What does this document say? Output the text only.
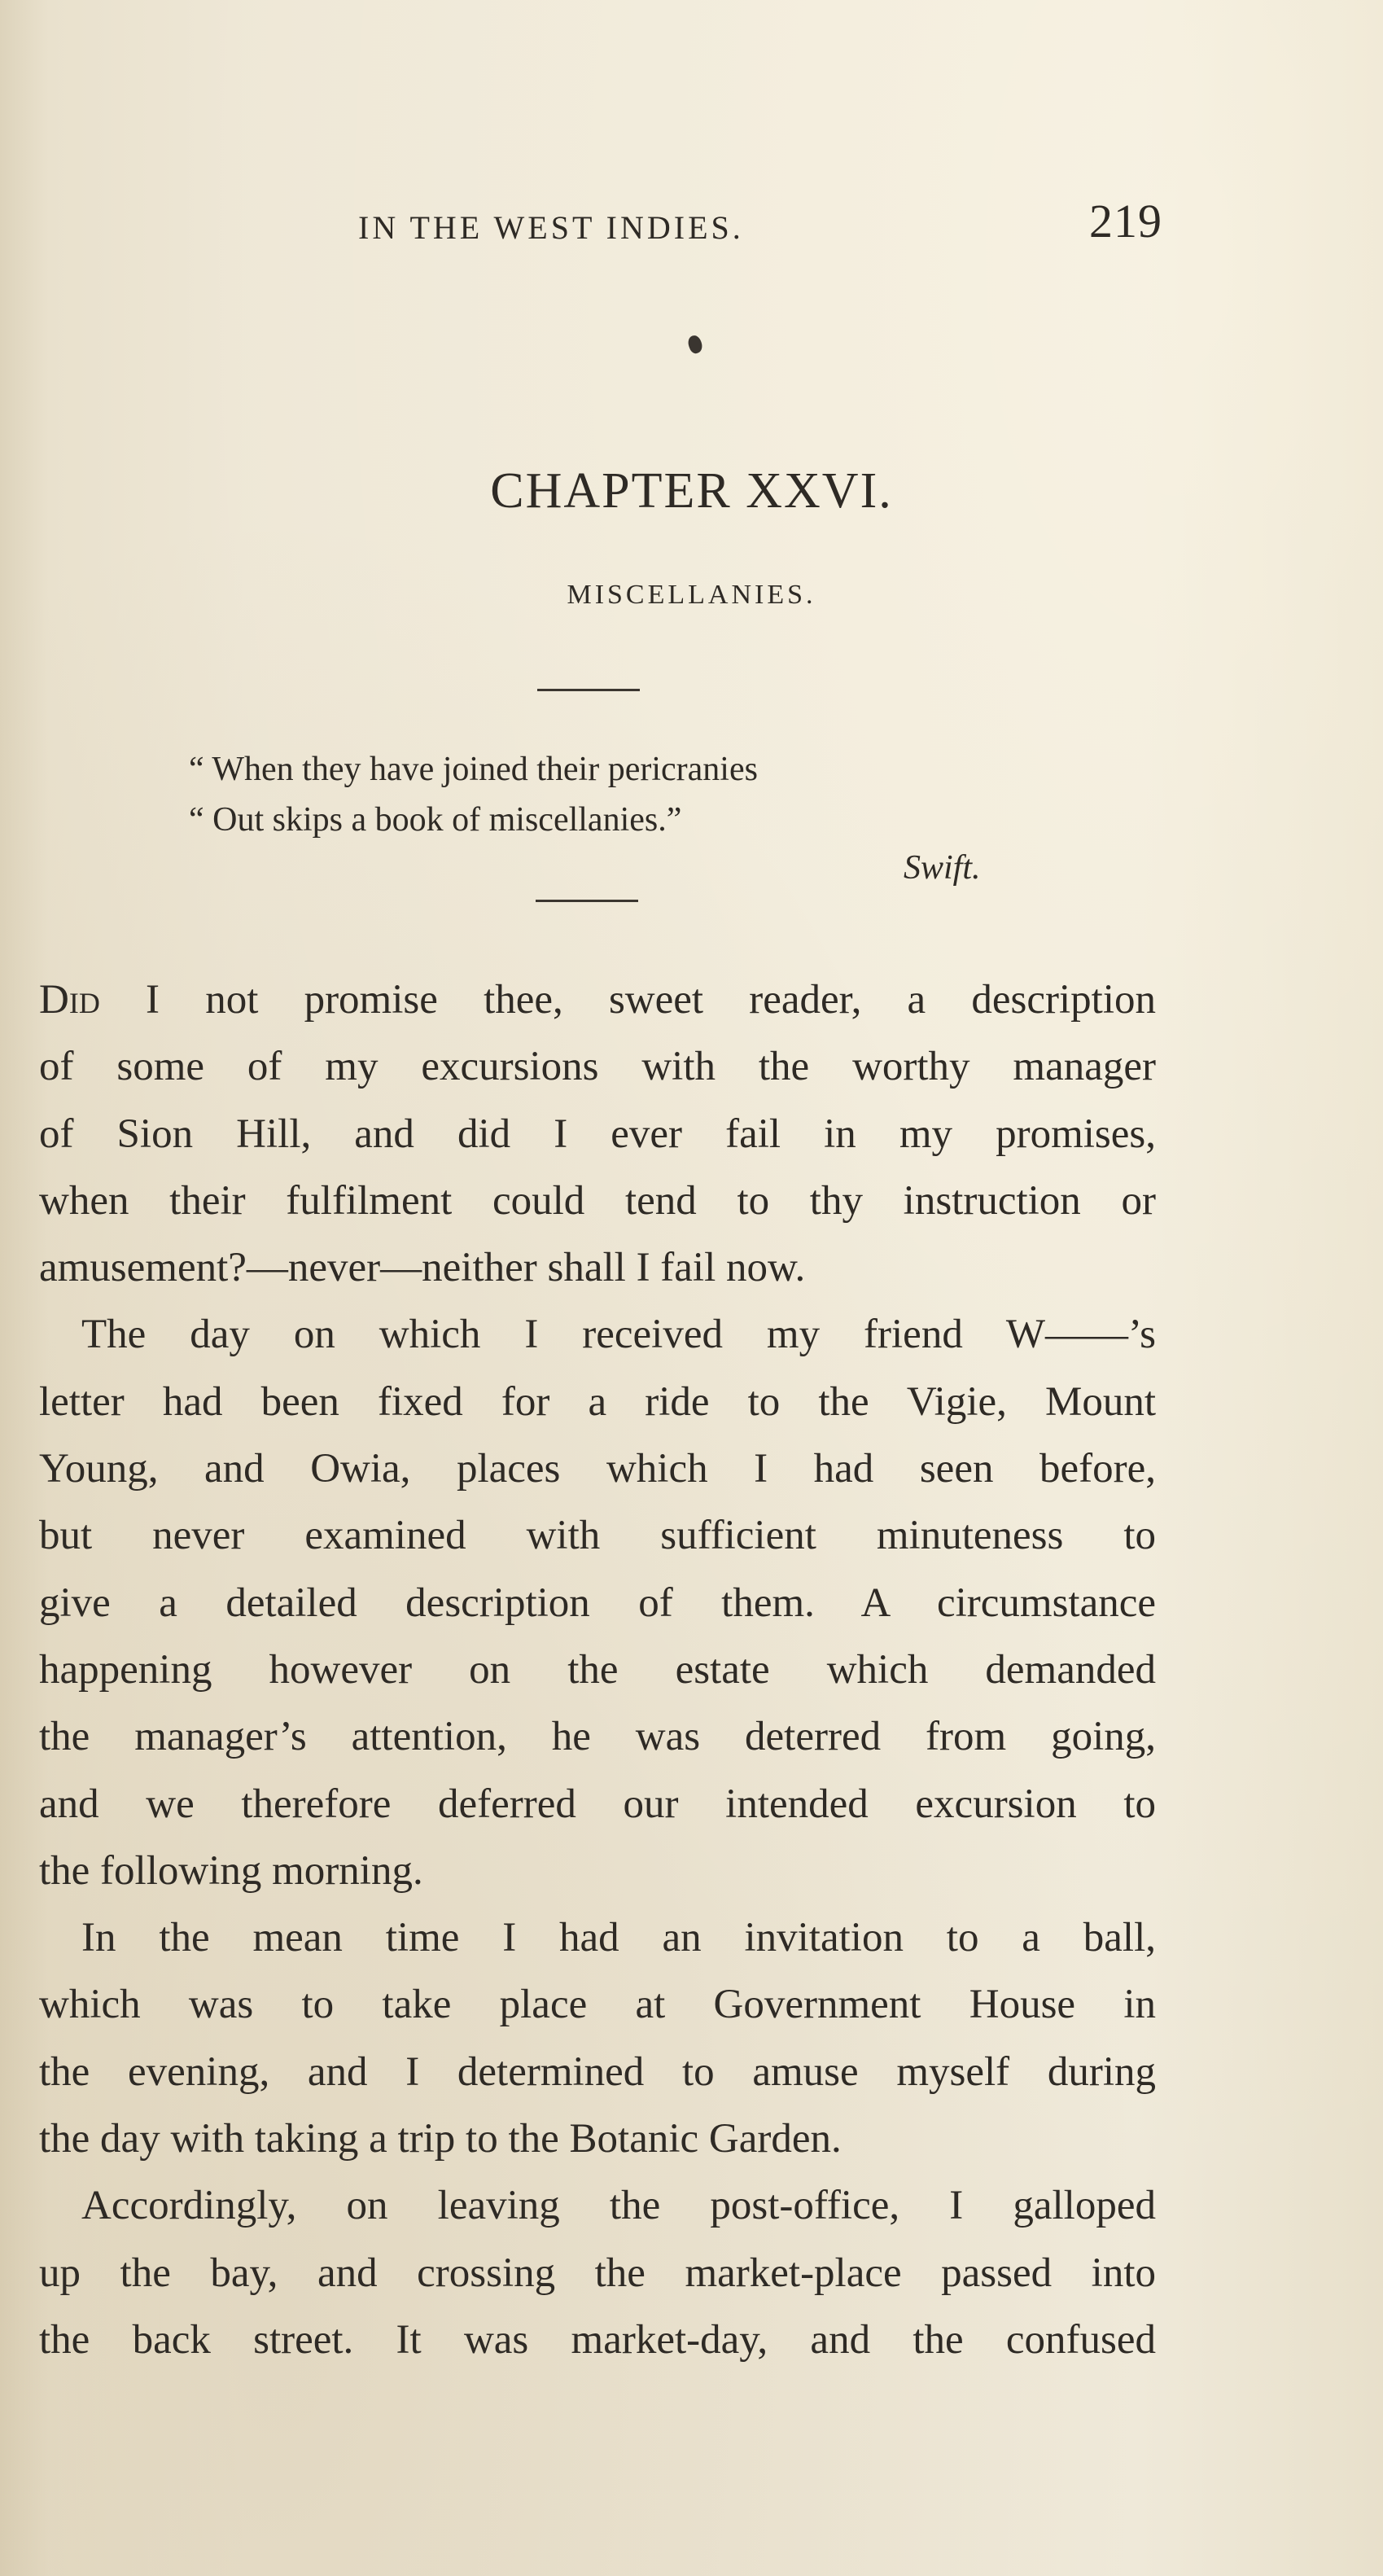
IN THE WEST INDIES.	219
CHAPTER XXVI.
MISCELLANIES.
“ When they have joined their pericranies
“ Out skips a book of miscellanies.”
Swift.
Did I not promise thee, sweet reader, a description
of some of my excursions with the worthy manager
of Sion Hill, and did I ever fail in my promises,
when their fulfilment could tend to thy instruction or
amusement?—never—neither shall I fail now.
The day on which I received my friend W——’s
letter had been fixed for a ride to the Vigie, Mount
Young, and Owia, places which I had seen before,
but never examined with sufficient minuteness to
give a detailed description of them. A circumstance
happening however on the estate which demanded
the manager’s attention, he was deterred from going,
and we therefore deferred our intended excursion to
the following morning.
In the mean time I had an invitation to a ball,
which was to take place at Government House in
the evening, and I determined to amuse myself during
the day with taking a trip to the Botanic Garden.
Accordingly, on leaving the post-office, I galloped
up the bay, and crossing the market-place passed into
the back street. It was market-day, and the confused
